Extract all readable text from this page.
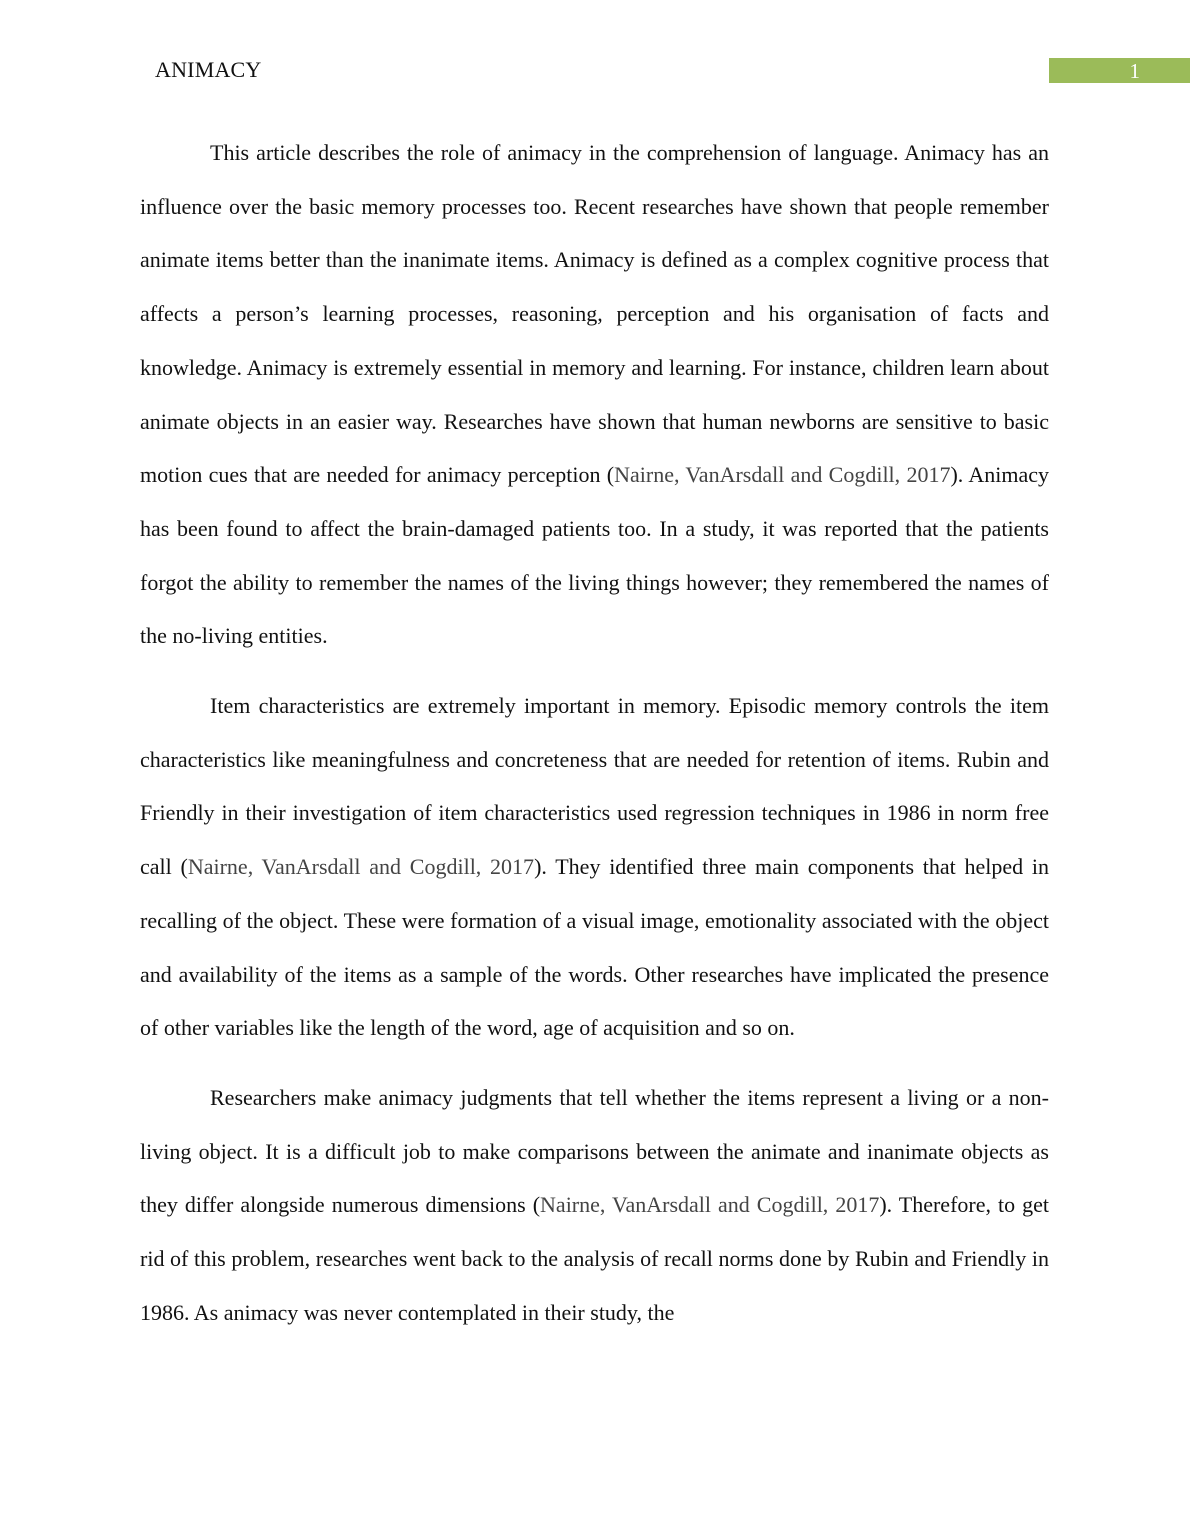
ANIMACY	1

This article describes the role of animacy in the comprehension of language. Animacy has an influence over the basic memory processes too. Recent researches have shown that people remember animate items better than the inanimate items. Animacy is defined as a complex cognitive process that affects a person’s learning processes, reasoning, perception and his organisation of facts and knowledge. Animacy is extremely essential in memory and learning. For instance, children learn about animate objects in an easier way. Researches have shown that human newborns are sensitive to basic motion cues that are needed for animacy perception (Nairne, VanArsdall and Cogdill, 2017). Animacy has been found to affect the brain-damaged patients too. In a study, it was reported that the patients forgot the ability to remember the names of the living things however; they remembered the names of the no-living entities.

Item characteristics are extremely important in memory. Episodic memory controls the item characteristics like meaningfulness and concreteness that are needed for retention of items. Rubin and Friendly in their investigation of item characteristics used regression techniques in 1986 in norm free call (Nairne, VanArsdall and Cogdill, 2017). They identified three main components that helped in recalling of the object. These were formation of a visual image, emotionality associated with the object and availability of the items as a sample of the words. Other researches have implicated the presence of other variables like the length of the word, age of acquisition and so on.

Researchers make animacy judgments that tell whether the items represent a living or a non- living object. It is a difficult job to make comparisons between the animate and inanimate objects as they differ alongside numerous dimensions (Nairne, VanArsdall and Cogdill, 2017). Therefore, to get rid of this problem, researches went back to the analysis of recall norms done by Rubin and Friendly in 1986. As animacy was never contemplated in their study, the
